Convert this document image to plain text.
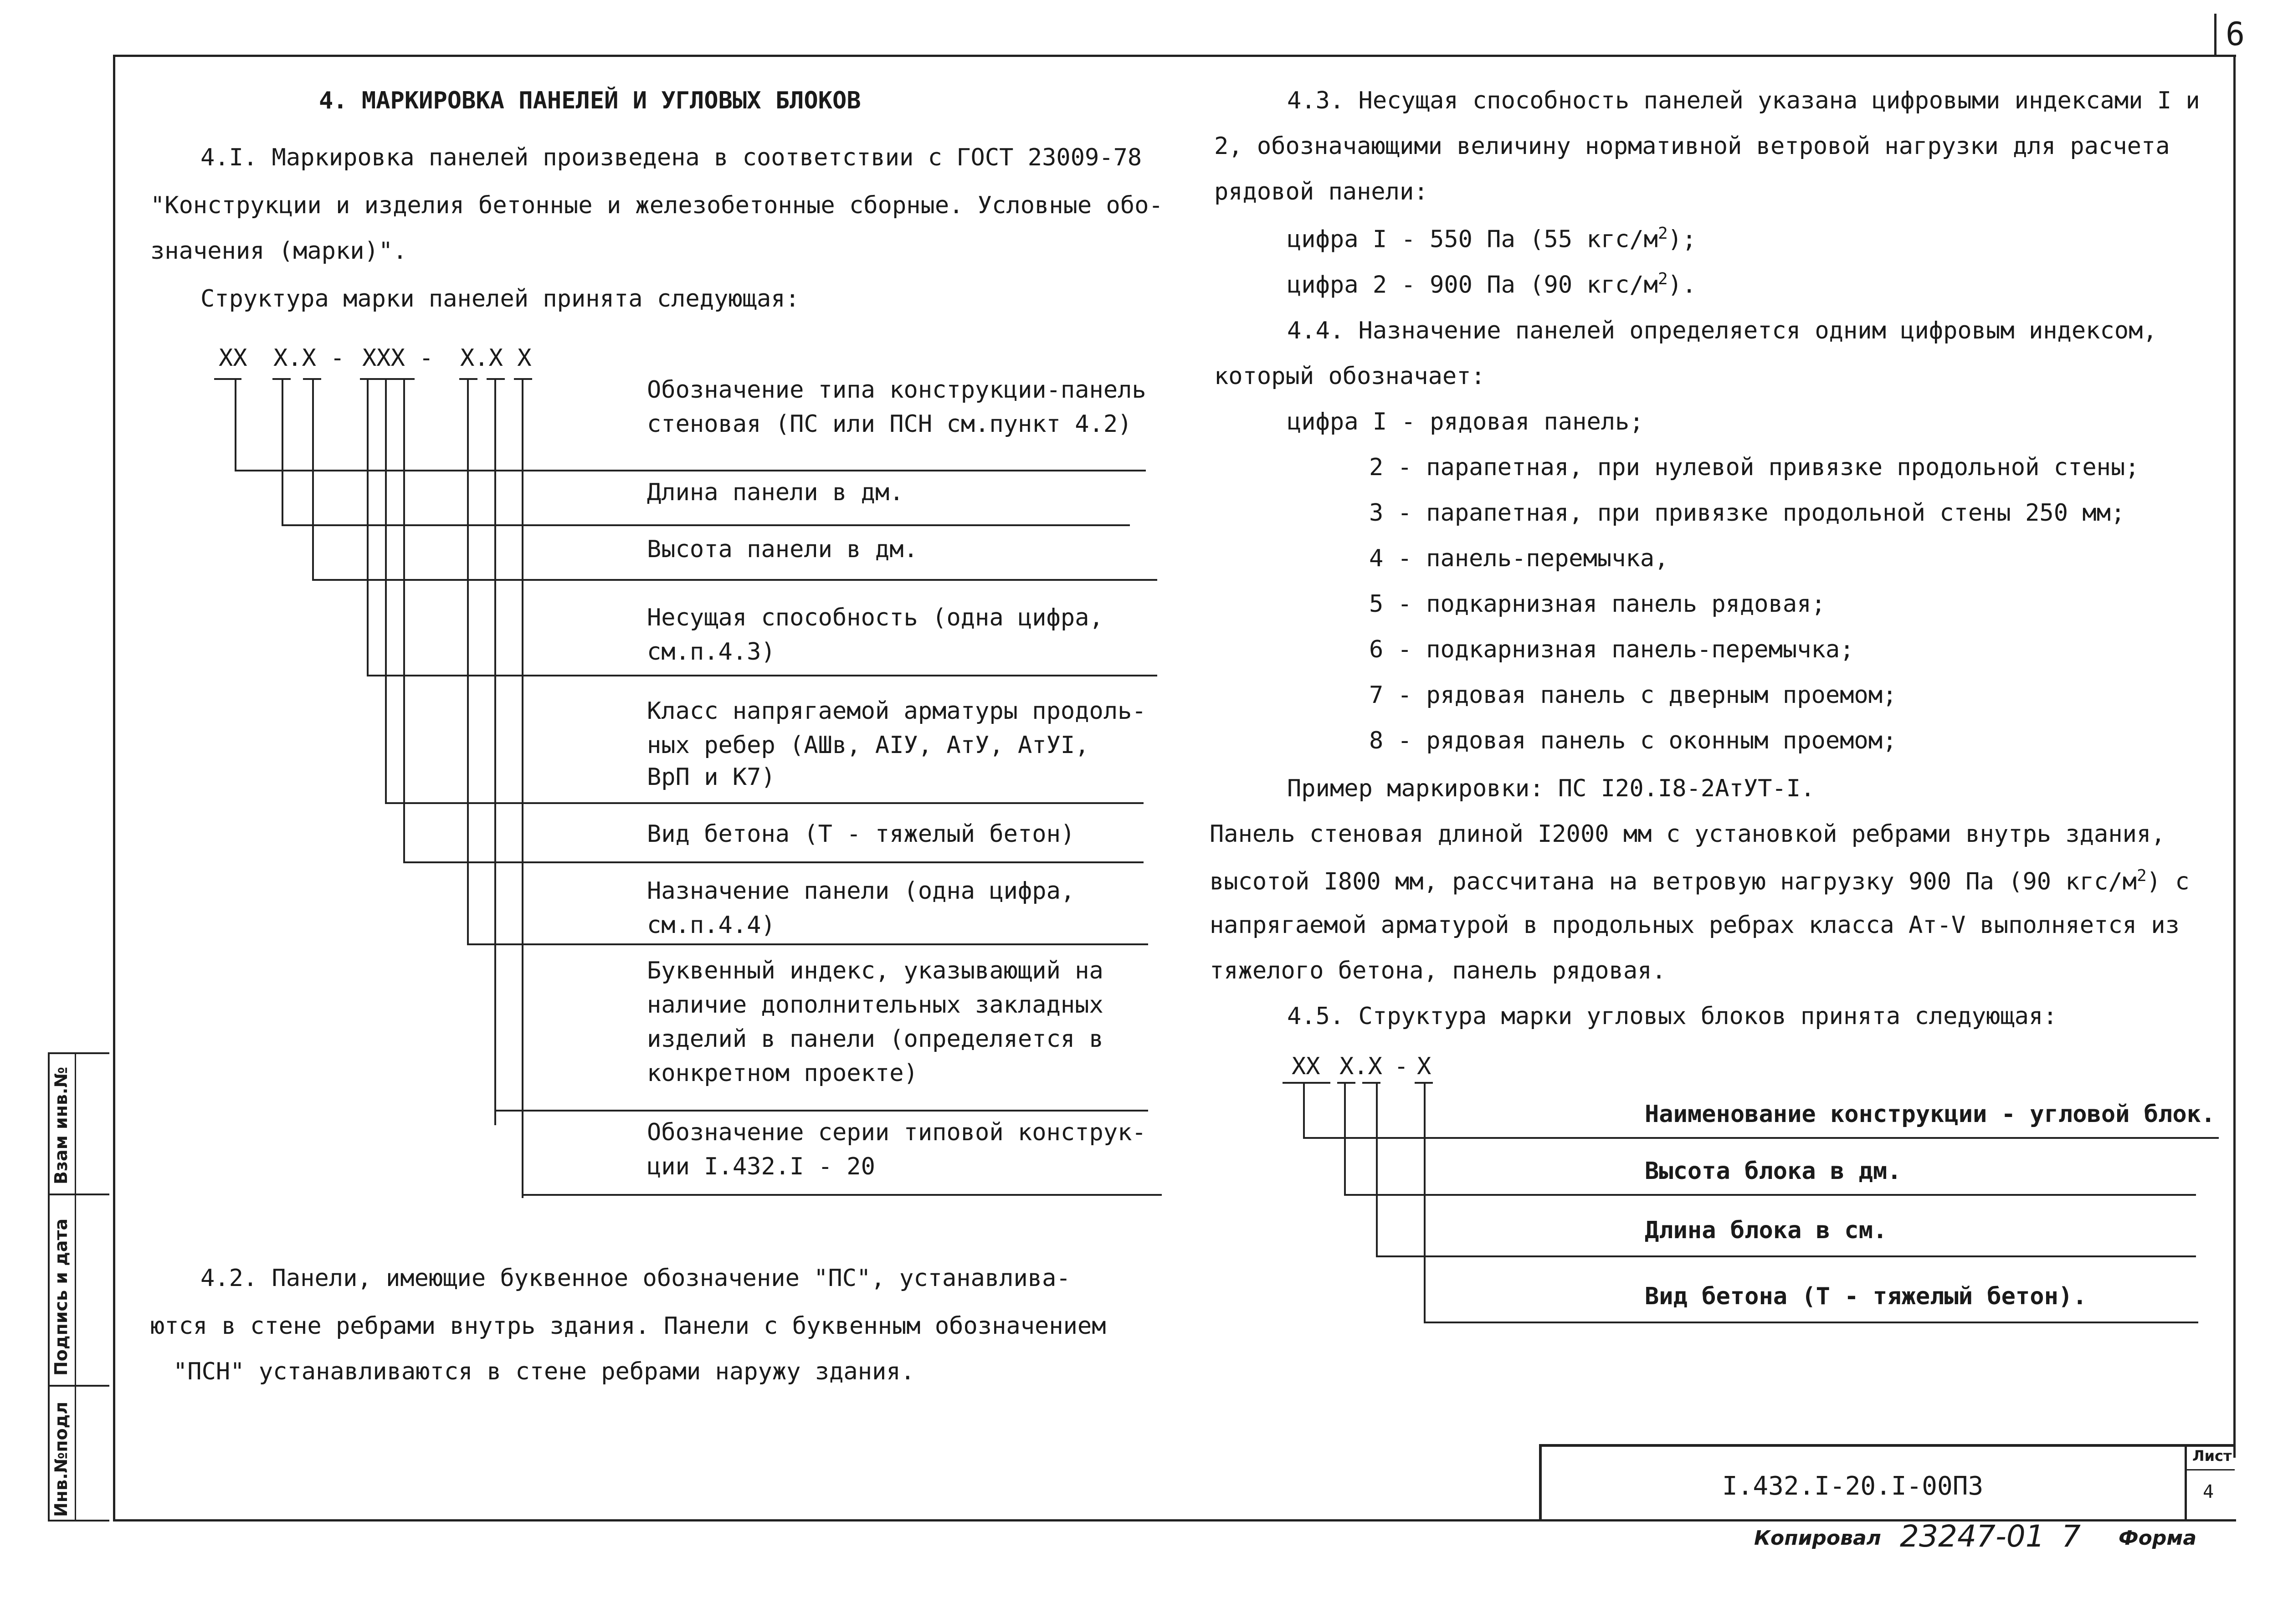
6
4. МАРКИРОВКА ПАНЕЛЕЙ И УГЛОВЫХ БЛОКОВ
4.I. Маркировка панелей произведена в соответствии с ГОСТ 23009-78
"Конструкции и изделия бетонные и железобетонные сборные. Условные обо-
значения (марки)".
Структура марки панелей принята следующая:
ХХ Х.Х - ХХХ - Х.Х Х
Обозначение типа конструкции-панель
стеновая (ПС или ПСН см.пункт 4.2)
Длина панели в дм.
Высота панели в дм.
Несущая способность (одна цифра,
см.п.4.3)
Класс напрягаемой арматуры продоль-
ных ребер (АШв, АIУ, АтУ, АтУI,
ВрП и К7)
Вид бетона (Т - тяжелый бетон)
Назначение панели (одна цифра,
см.п.4.4)
Буквенный индекс, указывающий на
наличие дополнительных закладных
изделий в панели (определяется в
конкретном проекте)
Обозначение серии типовой конструк-
ции I.432.I - 20
4.2. Панели, имеющие буквенное обозначение "ПС", устанавлива-
ются в стене ребрами внутрь здания. Панели с буквенным обозначением
"ПСН" устанавливаются в стене ребрами наружу здания.
4.3. Несущая способность панелей указана цифровыми индексами I и
2, обозначающими величину нормативной ветровой нагрузки для расчета
рядовой панели:
цифра I - 550 Па (55 кгс/$м^2$);
цифра 2 - 900 Па (90 кгс/$м^2$).
4.4. Назначение панелей определяется одним цифровым индексом,
который обозначает:
цифра I - рядовая панель;
2 - парапетная, при нулевой привязке продольной стены;
3 - парапетная, при привязке продольной стены 250 мм;
4 - панель-перемычка,
5 - подкарнизная панель рядовая;
6 - подкарнизная панель-перемычка;
7 - рядовая панель с дверным проемом;
8 - рядовая панель с оконным проемом;
Пример маркировки: ПС I20.I8-2АтУТ-I.
Панель стеновая длиной I2000 мм с установкой ребрами внутрь здания,
высотой I800 мм, рассчитана на ветровую нагрузку 900 Па (90 кгс/$м^2$) с
напрягаемой арматурой в продольных ребрах класса Ат-V выполняется из
тяжелого бетона, панель рядовая.
4.5. Структура марки угловых блоков принята следующая:
ХХ Х.Х - Х
Наименование конструкции - угловой блок.
Высота блока в дм.
Длина блока в см.
Вид бетона (Т - тяжелый бетон).
Взам инв.№
Подпись и дата
Инв.№подл	I.432.I-20.I-00ПЗ
Лист
4
Копировал 23247-01 7 Форма
